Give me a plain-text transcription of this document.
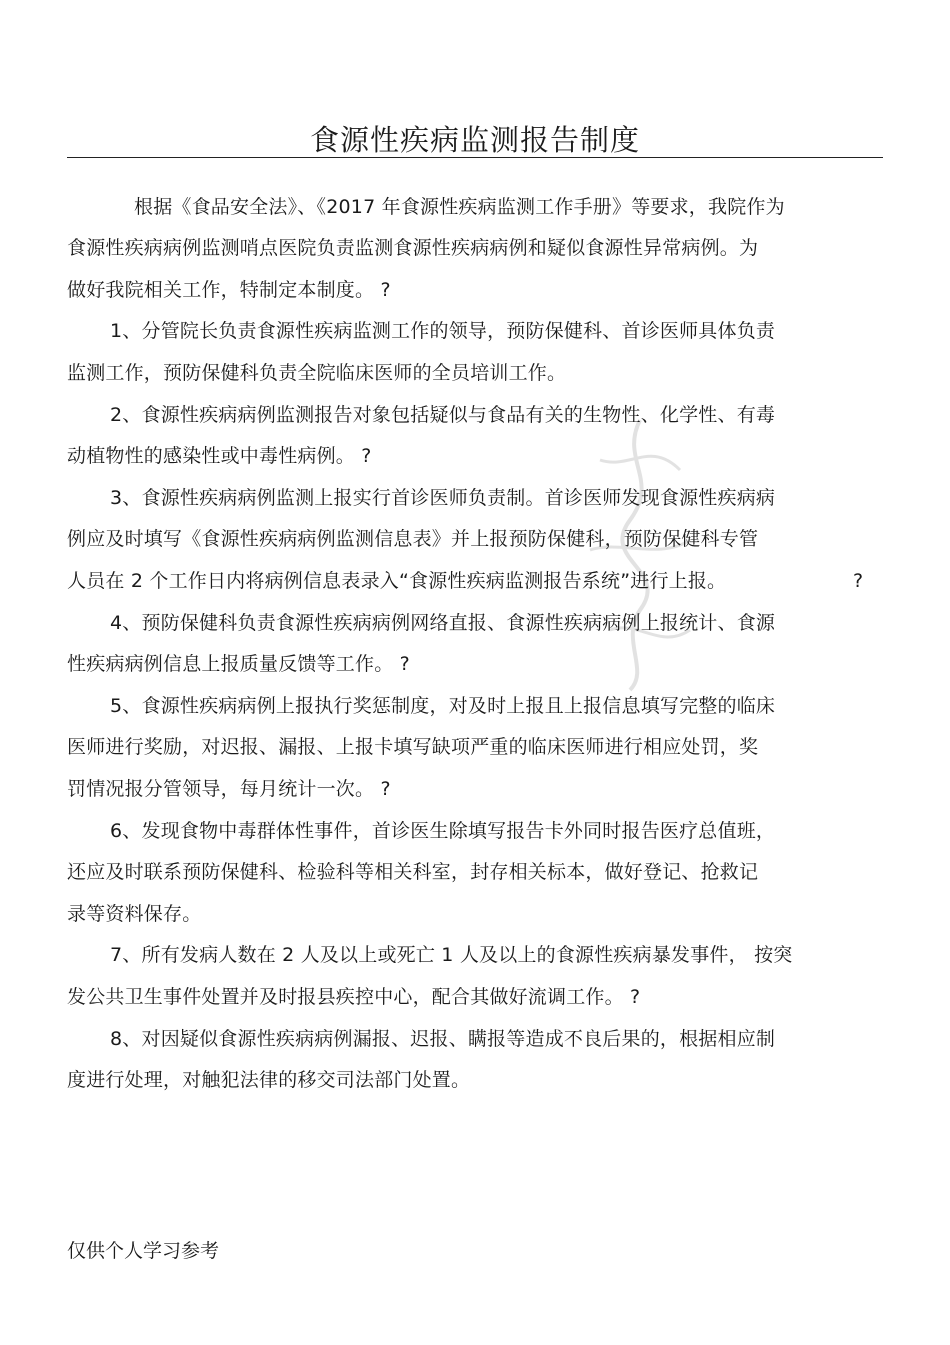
食源性疾病监测报告制度
根据《食品安全法》、《2017 年食源性疾病监测工作手册》等要求，我院作为
食源性疾病病例监测哨点医院负责监测食源性疾病病例和疑似食源性异常病例。为
做好我院相关工作，特制定本制度。 ?
1、分管院长负责食源性疾病监测工作的领导，预防保健科、首诊医师具体负责
监测工作，预防保健科负责全院临床医师的全员培训工作。
2、食源性疾病病例监测报告对象包括疑似与食品有关的生物性、化学性、有毒
动植物性的感染性或中毒性病例。 ?
3、食源性疾病病例监测上报实行首诊医师负责制。首诊医师发现食源性疾病病
例应及时填写《食源性疾病病例监测信息表》并上报预防保健科，预防保健科专管
人员在 2 个工作日内将病例信息表录入“食源性疾病监测报告系统”进行上报。	?
4、预防保健科负责食源性疾病病例网络直报、食源性疾病病例上报统计、食源
性疾病病例信息上报质量反馈等工作。 ?
5、食源性疾病病例上报执行奖惩制度，对及时上报且上报信息填写完整的临床
医师进行奖励，对迟报、漏报、上报卡填写缺项严重的临床医师进行相应处罚，奖
罚情况报分管领导，每月统计一次。 ?
6、发现食物中毒群体性事件，首诊医生除填写报告卡外同时报告医疗总值班，
还应及时联系预防保健科、检验科等相关科室，封存相关标本，做好登记、抢救记
录等资料保存。
7、所有发病人数在 2 人及以上或死亡 1 人及以上的食源性疾病暴发事件， 按突
发公共卫生事件处置并及时报县疾控中心，配合其做好流调工作。 ?
8、对因疑似食源性疾病病例漏报、迟报、瞒报等造成不良后果的，根据相应制
度进行处理，对触犯法律的移交司法部门处置。
仅供个人学习参考
